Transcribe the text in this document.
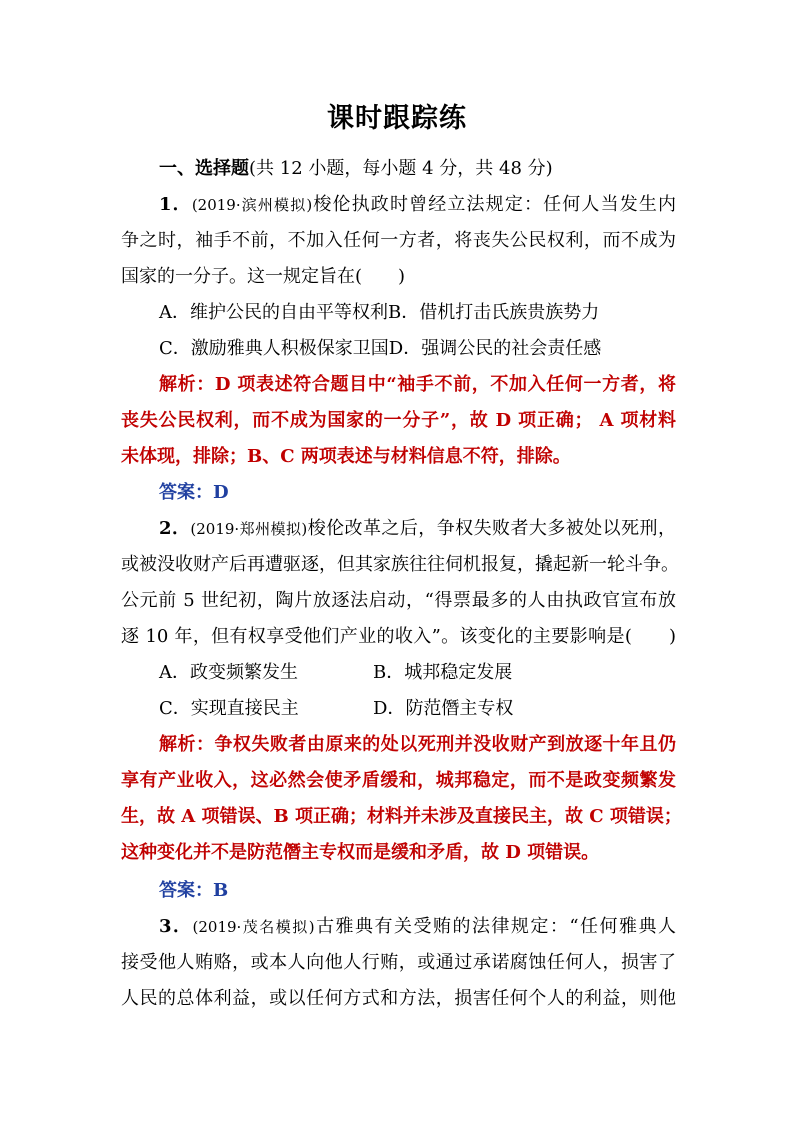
课时跟踪练
一、选择题(共 12 小题，每小题 4 分，共 48 分)
1．(2019·滨州模拟)梭伦执政时曾经立法规定：任何人当发生内
争之时，袖手不前，不加入任何一方者，将丧失公民权利，而不成为
国家的一分子。这一规定旨在(　　)
A．维护公民的自由平等权利B．借机打击氏族贵族势力
C．激励雅典人积极保家卫国D．强调公民的社会责任感
解析：D 项表述符合题目中“袖手不前，不加入任何一方者，将
丧失公民权利，而不成为国家的一分子”，故 D 项正确； A 项材料
未体现，排除；B、C 两项表述与材料信息不符，排除。
答案：D
2．(2019·郑州模拟)梭伦改革之后，争权失败者大多被处以死刑，
或被没收财产后再遭驱逐，但其家族往往伺机报复，撬起新一轮斗争。
公元前 5 世纪初，陶片放逐法启动，“得票最多的人由执政官宣布放
逐 10 年，但有权享受他们产业的收入”。该变化的主要影响是(　　)
A．政变频繁发生	B．城邦稳定发展
C．实现直接民主	D．防范僭主专权
解析：争权失败者由原来的处以死刑并没收财产到放逐十年且仍
享有产业收入，这必然会使矛盾缓和，城邦稳定，而不是政变频繁发
生，故 A 项错误、B 项正确；材料并未涉及直接民主，故 C 项错误；
这种变化并不是防范僭主专权而是缓和矛盾，故 D 项错误。
答案：B
3．(2019·茂名模拟)古雅典有关受贿的法律规定：“任何雅典人
接受他人贿赂，或本人向他人行贿，或通过承诺腐蚀任何人，损害了
人民的总体利益，或以任何方式和方法，损害任何个人的利益，则他
